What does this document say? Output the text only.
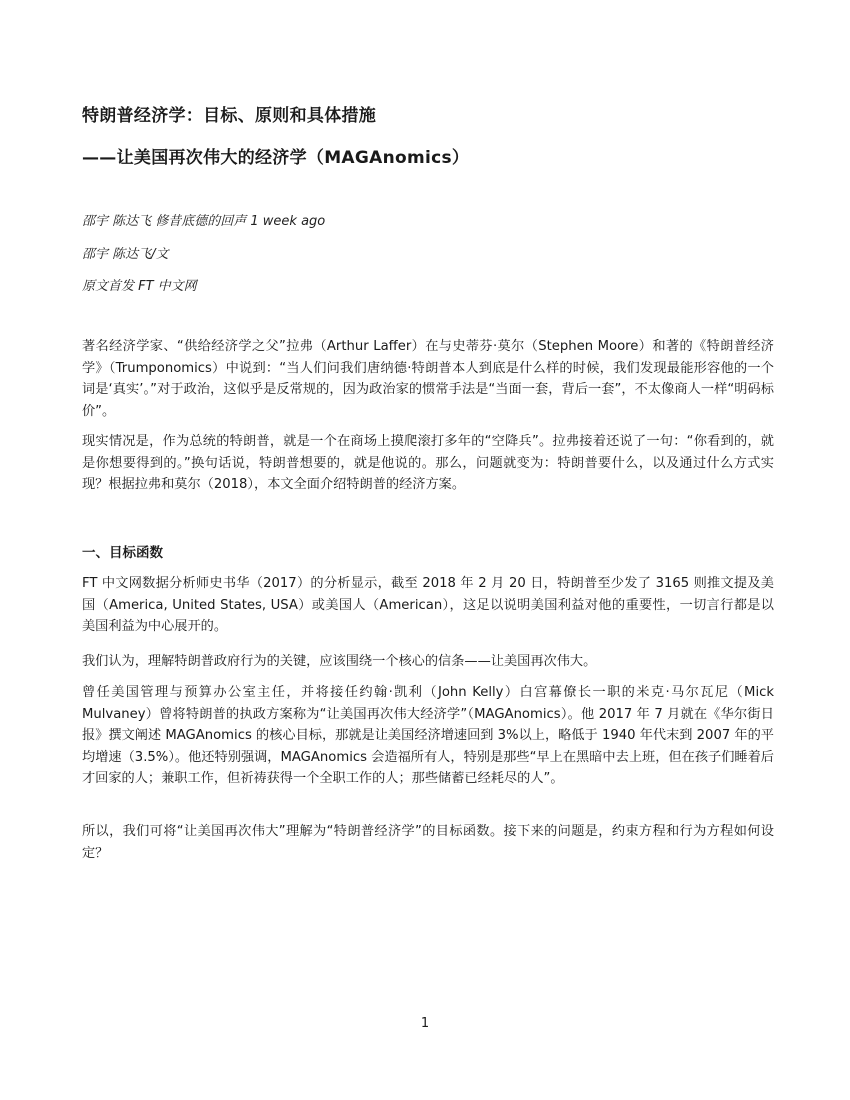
特朗普经济学：目标、原则和具体措施
——让美国再次伟大的经济学（MAGAnomics）

邵宇 陈达飞 修昔底德的回声 1 week ago

邵宇 陈达飞/文

原文首发 FT 中文网

著名经济学家、“供给经济学之父”拉弗（Arthur Laffer）在与史蒂芬·莫尔（Stephen Moore）和著的《特朗普经济学》（Trumponomics）中说到：“当人们问我们唐纳德·特朗普本人到底是什么样的时候，我们发现最能形容他的一个词是‘真实’。”对于政治，这似乎是反常规的，因为政治家的惯常手法是“当面一套，背后一套”，不太像商人一样“明码标价”。

现实情况是，作为总统的特朗普，就是一个在商场上摸爬滚打多年的“空降兵”。拉弗接着还说了一句：“你看到的，就是你想要得到的。”换句话说，特朗普想要的，就是他说的。那么，问题就变为：特朗普要什么，以及通过什么方式实现？根据拉弗和莫尔（2018），本文全面介绍特朗普的经济方案。

一、目标函数

FT 中文网数据分析师史书华（2017）的分析显示，截至 2018 年 2 月 20 日，特朗普至少发了 3165 则推文提及美国（America, United States, USA）或美国人（American），这足以说明美国利益对他的重要性，一切言行都是以美国利益为中心展开的。

我们认为，理解特朗普政府行为的关键，应该围绕一个核心的信条——让美国再次伟大。

曾任美国管理与预算办公室主任，并将接任约翰·凯利（John Kelly）白宫幕僚长一职的米克·马尔瓦尼（Mick Mulvaney）曾将特朗普的执政方案称为“让美国再次伟大经济学”（MAGAnomics）。他 2017 年 7 月就在《华尔街日报》撰文阐述 MAGAnomics 的核心目标，那就是让美国经济增速回到 3%以上，略低于 1940 年代末到 2007 年的平均增速（3.5%）。他还特别强调，MAGAnomics 会造福所有人，特别是那些“早上在黑暗中去上班，但在孩子们睡着后才回家的人；兼职工作，但祈祷获得一个全职工作的人；那些储蓄已经耗尽的人”。

所以，我们可将“让美国再次伟大”理解为“特朗普经济学”的目标函数。接下来的问题是，约束方程和行为方程如何设定？

1
